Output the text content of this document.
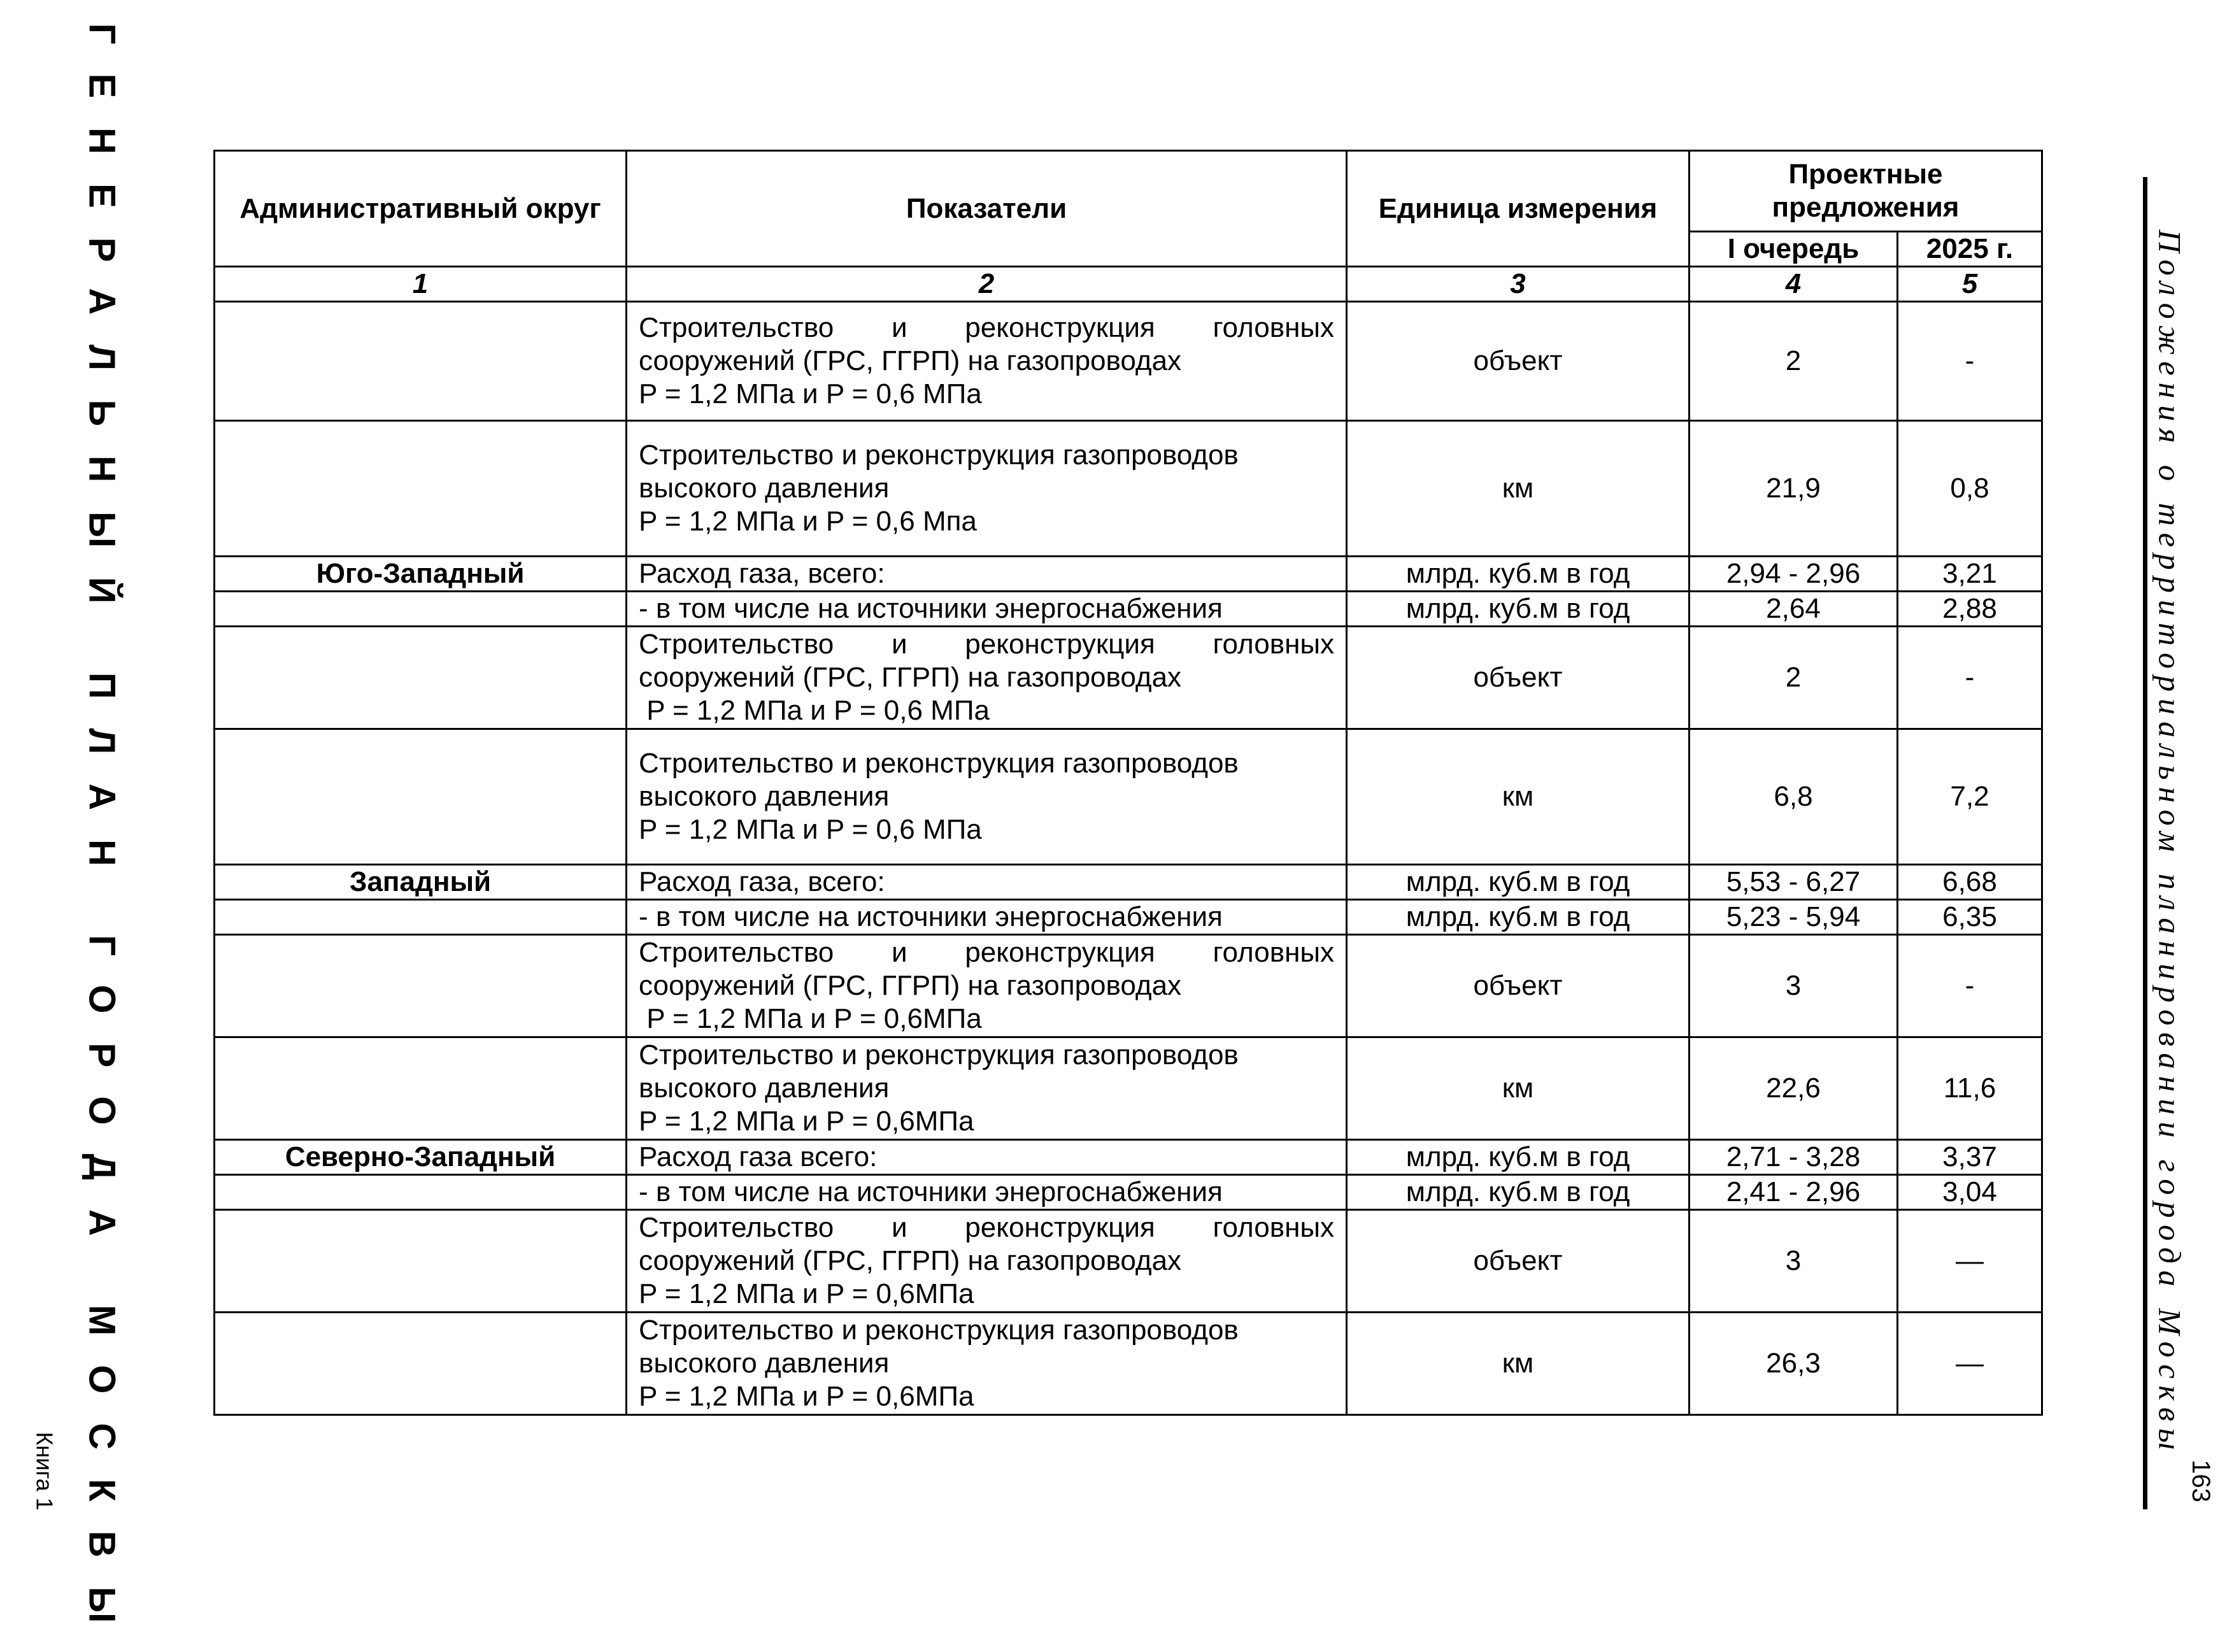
ГЕНЕРАЛЬНЫЙ ПЛАН ГОРОДА МОСКВЫ
Книга 1
Положения о территориальном планировании города Москвы
163
Административный округ	Показатели	Единица измерения	Проектные предложения	
			I очередь	2025 г.
1	2	3	4	5

	Строительство и реконструкция головных
сооружений (ГРС, ГГРП) на газопроводах
P = 1,2 МПа и P = 0,6 МПа	объект	2	-

	Строительство и реконструкция газопроводов
высокого давления
P = 1,2 МПа и P = 0,6 Мпа	км	21,9	0,8
Юго-Западный	Расход газа, всего:	млрд. куб.м в год	2,94 - 2,96	3,21

	- в том числе на источники энергоснабжения	млрд. куб.м в год	2,64	2,88

	Строительство и реконструкция головных
сооружений (ГРС, ГГРП) на газопроводах
P = 1,2 МПа и P = 0,6 МПа	объект	2	-

	Строительство и реконструкция газопроводов
высокого давления
P = 1,2 МПа и P = 0,6 МПа	км	6,8	7,2
Западный	Расход газа, всего:	млрд. куб.м в год	5,53 - 6,27	6,68

	- в том числе на источники энергоснабжения	млрд. куб.м в год	5,23 - 5,94	6,35

	Строительство и реконструкция головных
сооружений (ГРС, ГГРП) на газопроводах
P = 1,2 МПа и P = 0,6МПа	объект	3	-

	Строительство и реконструкция газопроводов
высокого давления
P = 1,2 МПа и P = 0,6МПа	км	22,6	11,6
Северно-Западный	Расход газа всего:	млрд. куб.м в год	2,71 - 3,28	3,37

	- в том числе на источники энергоснабжения	млрд. куб.м в год	2,41 - 2,96	3,04

	Строительство и реконструкция головных
сооружений (ГРС, ГГРП) на газопроводах
P = 1,2 МПа и P = 0,6МПа	объект	3	—

	Строительство и реконструкция газопроводов
высокого давления
P = 1,2 МПа и P = 0,6МПа	км	26,3	—
